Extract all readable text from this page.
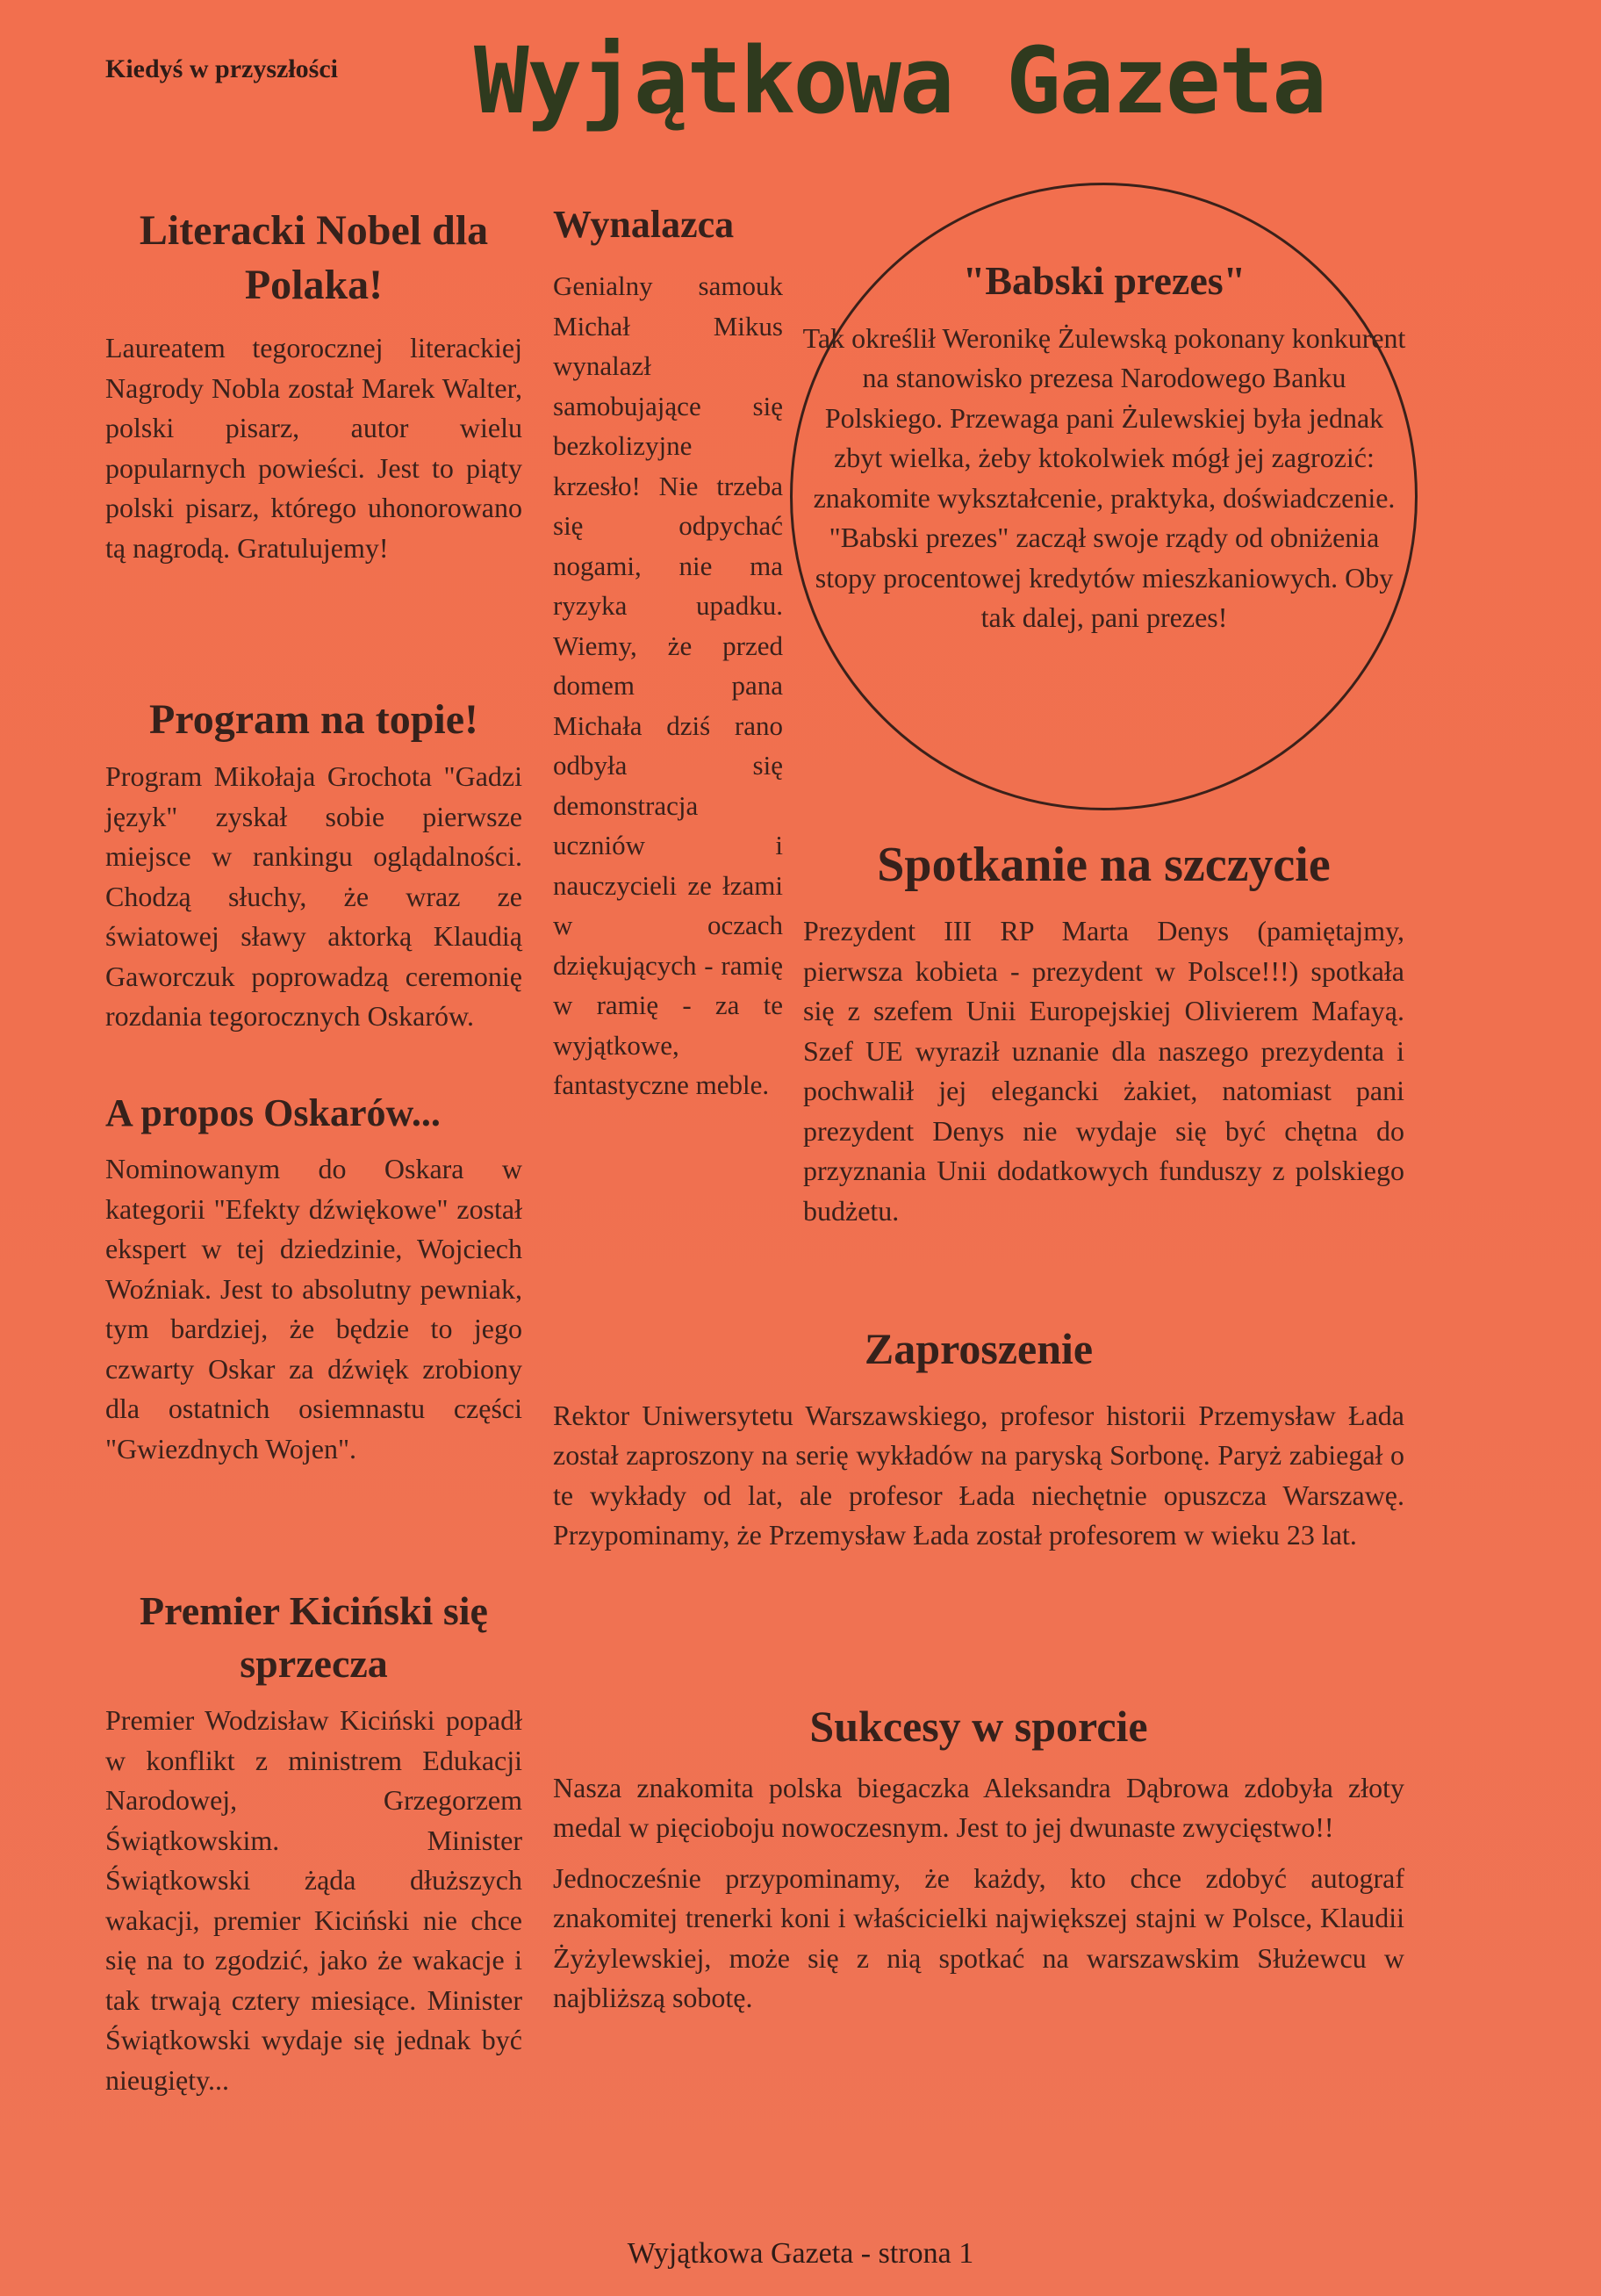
Kiedyś w przyszłości Wyjątkowa Gazeta
Literacki Nobel dla Polaka!

Laureatem tegorocznej literackiej Nagrody Nobla został Marek Walter, polski pisarz, autor wielu popularnych powieści. Jest to piąty polski pisarz, którego uhonorowano tą nagrodą. Gratulujemy!

Program na topie!

Program Mikołaja Grochota "Gadzi język" zyskał sobie pierwsze miejsce w rankingu oglądalności. Chodzą słuchy, że wraz ze światowej sławy aktorką Klaudią Gaworczuk poprowadzą ceremonię rozdania tegorocznych Oskarów.

A propos Oskarów...

Nominowanym do Oskara w kategorii "Efekty dźwiękowe" został ekspert w tej dziedzinie, Wojciech Woźniak. Jest to absolutny pewniak, tym bardziej, że będzie to jego czwarty Oskar za dźwięk zrobiony dla ostatnich osiemnastu części "Gwiezdnych Wojen".

Premier Kiciński się sprzecza

Premier Wodzisław Kiciński popadł w konflikt z ministrem Edukacji Narodowej, Grzegorzem Świątkowskim. Minister Świątkowski żąda dłuższych wakacji, premier Kiciński nie chce się na to zgodzić, jako że wakacje i tak trwają cztery miesiące. Minister Świątkowski wydaje się jednak być nieugięty...

Wynalazca

Genialny samouk Michał Mikus wynalazł samobujające się bezkolizyjne krzesło! Nie trzeba się odpychać nogami, nie ma ryzyka upadku. Wiemy, że przed domem pana Michała dziś rano odbyła się demonstracja uczniów i nauczycieli ze łzami w oczach dziękujących - ramię w ramię - za te wyjątkowe, fantastyczne meble.

"Babski prezes"

Tak określił Weronikę Żulewską pokonany konkurent na stanowisko prezesa Narodowego Banku Polskiego. Przewaga pani Żulewskiej była jednak zbyt wielka, żeby ktokolwiek mógł jej zagrozić: znakomite wykształcenie, praktyka, doświadczenie. "Babski prezes" zaczął swoje rządy od obniżenia stopy procentowej kredytów mieszkaniowych. Oby tak dalej, pani prezes!

Spotkanie na szczycie

Prezydent III RP Marta Denys (pamiętajmy, pierwsza kobieta - prezydent w Polsce!!!) spotkała się z szefem Unii Europejskiej Olivierem Mafayą. Szef UE wyraził uznanie dla naszego prezydenta i pochwalił jej elegancki żakiet, natomiast pani prezydent Denys nie wydaje się być chętna do przyznania Unii dodatkowych funduszy z polskiego budżetu.

Zaproszenie

Rektor Uniwersytetu Warszawskiego, profesor historii Przemysław Łada został zaproszony na serię wykładów na paryską Sorbonę. Paryż zabiegał o te wykłady od lat, ale profesor Łada niechętnie opuszcza Warszawę. Przypominamy, że Przemysław Łada został profesorem w wieku 23 lat.

Sukcesy w sporcie

Nasza znakomita polska biegaczka Aleksandra Dąbrowa zdobyła złoty medal w pięcioboju nowoczesnym. Jest to jej dwunaste zwycięstwo!!

Jednocześnie przypominamy, że każdy, kto chce zdobyć autograf znakomitej trenerki koni i właścicielki największej stajni w Polsce, Klaudii Żyżylewskiej, może się z nią spotkać na warszawskim Służewcu w najbliższą sobotę.

Wyjątkowa Gazeta - strona 1
